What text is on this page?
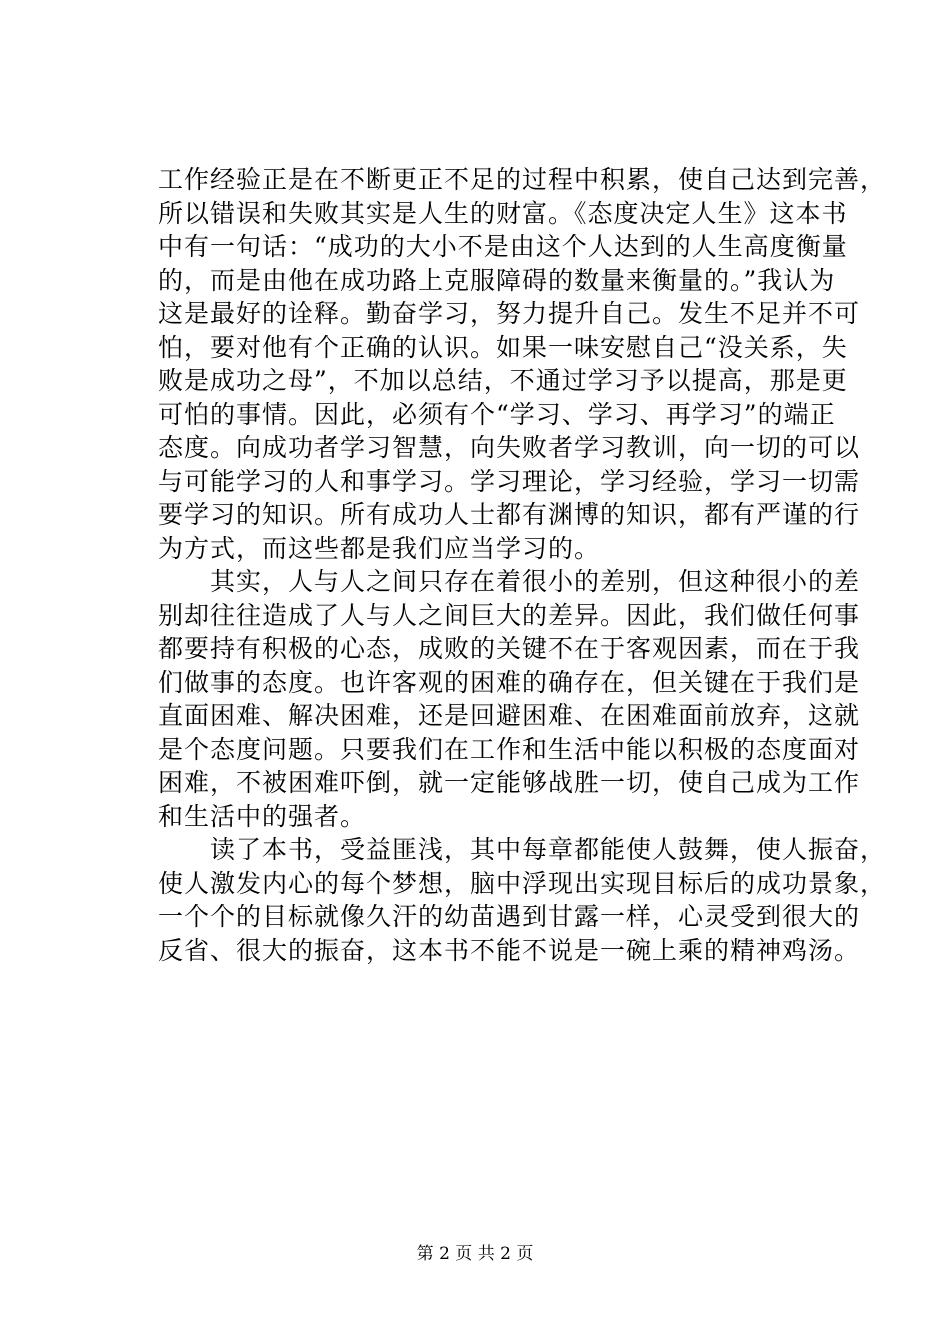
工作经验正是在不断更正不足的过程中积累，使自己达到完善，
所以错误和失败其实是人生的财富。《态度决定人生》这本书
中有一句话：“成功的大小不是由这个人达到的人生高度衡量
的，而是由他在成功路上克服障碍的数量来衡量的。”我认为
这是最好的诠释。勤奋学习，努力提升自己。发生不足并不可
怕，要对他有个正确的认识。如果一味安慰自己“没关系，失
败是成功之母”，不加以总结，不通过学习予以提高，那是更
可怕的事情。因此，必须有个“学习、学习、再学习”的端正
态度。向成功者学习智慧，向失败者学习教训，向一切的可以
与可能学习的人和事学习。学习理论，学习经验，学习一切需
要学习的知识。所有成功人士都有渊博的知识，都有严谨的行
为方式，而这些都是我们应当学习的。
　　其实，人与人之间只存在着很小的差别，但这种很小的差
别却往往造成了人与人之间巨大的差异。因此，我们做任何事
都要持有积极的心态，成败的关键不在于客观因素，而在于我
们做事的态度。也许客观的困难的确存在，但关键在于我们是
直面困难、解决困难，还是回避困难、在困难面前放弃，这就
是个态度问题。只要我们在工作和生活中能以积极的态度面对
困难，不被困难吓倒，就一定能够战胜一切，使自己成为工作
和生活中的强者。
　　读了本书，受益匪浅，其中每章都能使人鼓舞，使人振奋，
使人激发内心的每个梦想，脑中浮现出实现目标后的成功景象，
一个个的目标就像久汗的幼苗遇到甘露一样，心灵受到很大的
反省、很大的振奋，这本书不能不说是一碗上乘的精神鸡汤。
第 2 页 共 2 页
